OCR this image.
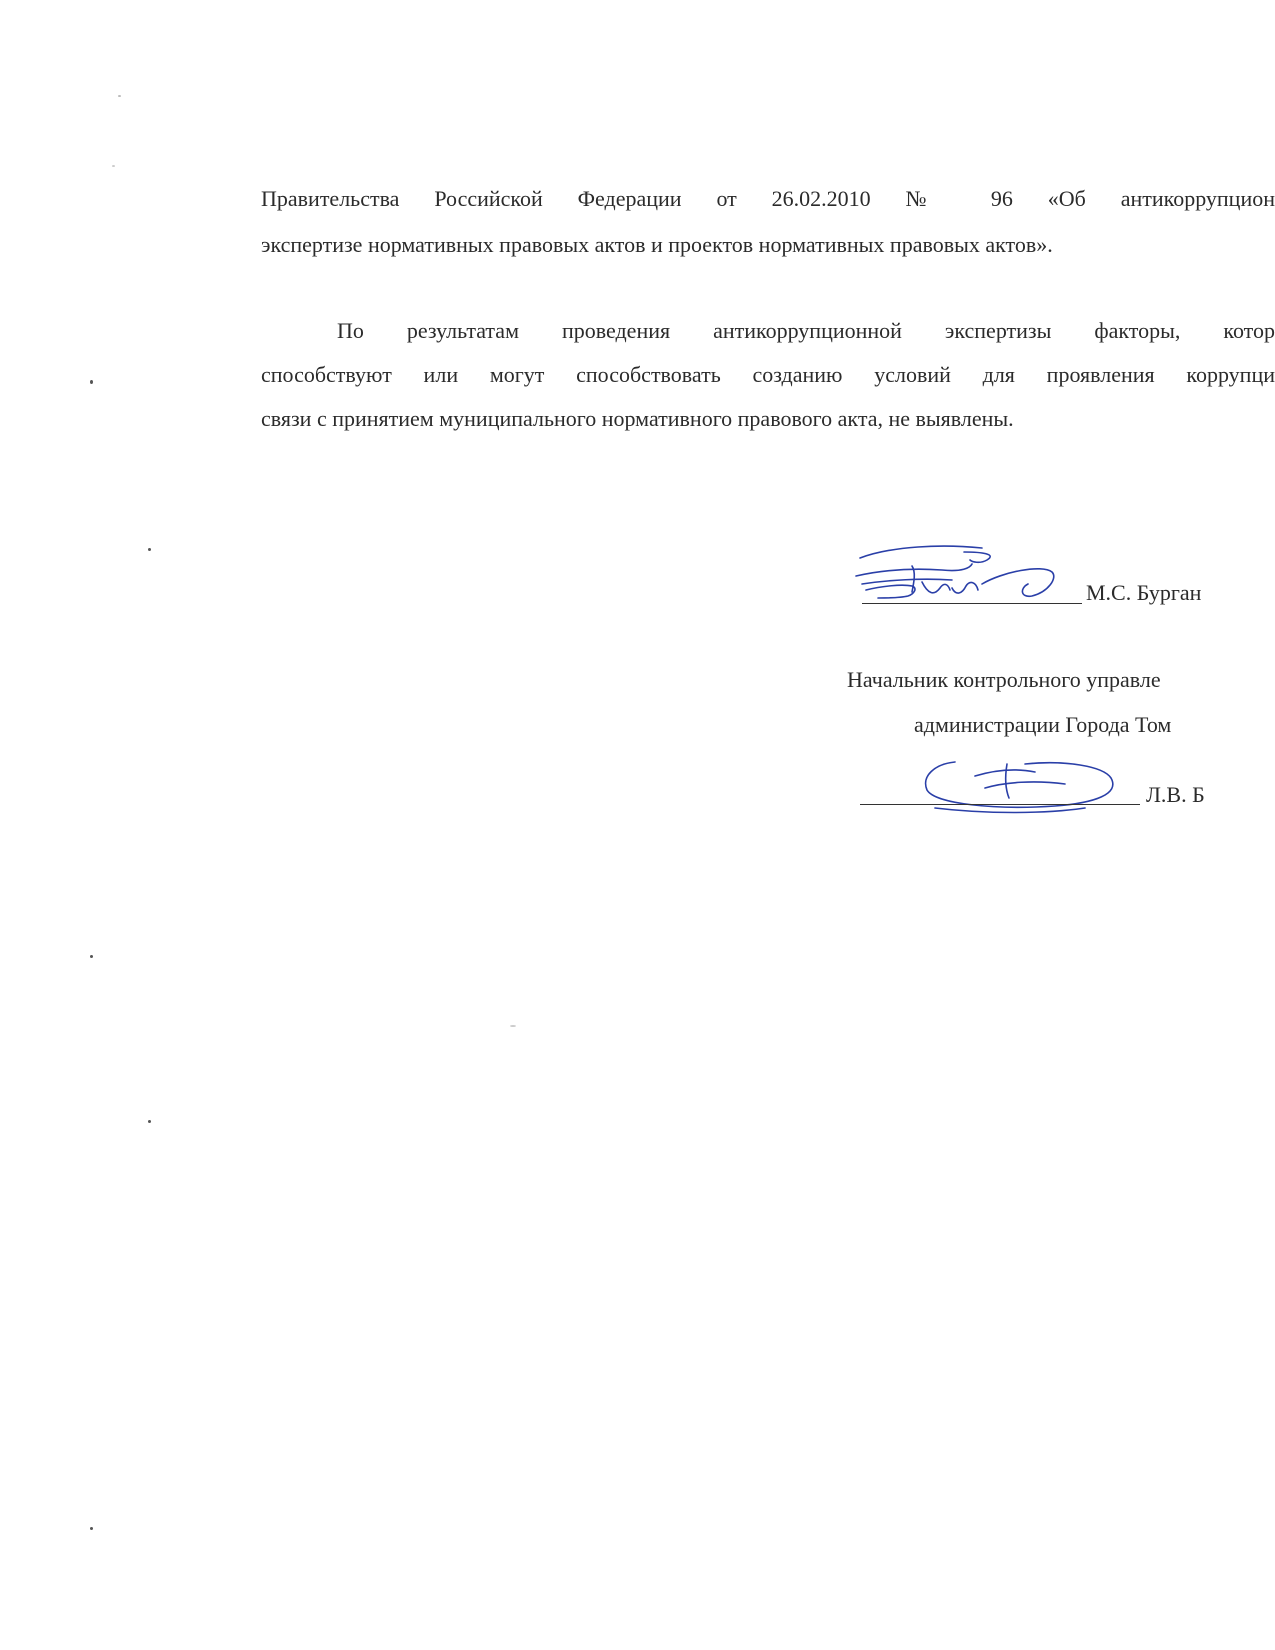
Правительства Российской Федерации от 26.02.2010 № 96 «Об антикоррупцион
экспертизе нормативных правовых актов и проектов нормативных правовых актов».
По результатам проведения антикоррупционной экспертизы факторы, котор
способствуют или могут способствовать созданию условий для проявления коррупци
связи с принятием муниципального нормативного правового акта, не выявлены.
М.С. Бурган
Начальник контрольного управле
администрации Города Том
Л.В. Б
